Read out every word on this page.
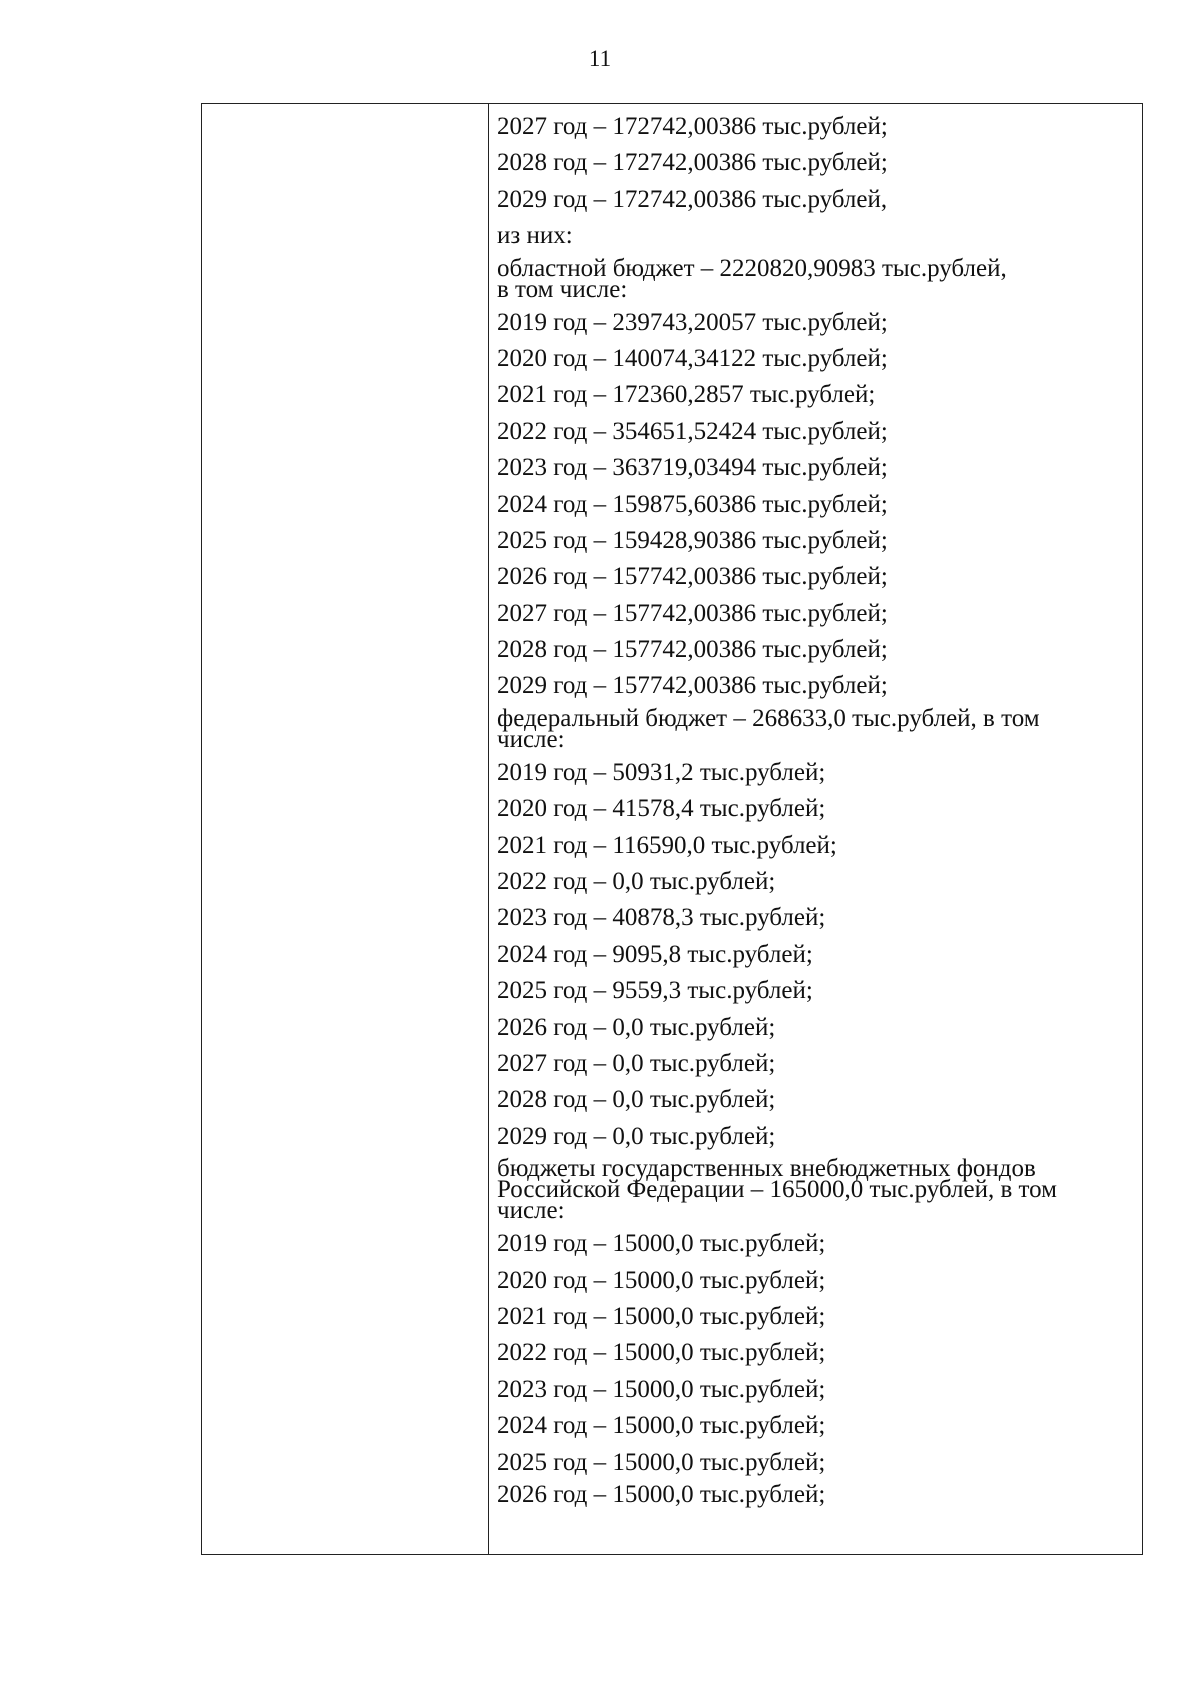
11
2027 год – 172742,00386 тыс.рублей;
2028 год – 172742,00386 тыс.рублей;
2029 год – 172742,00386 тыс.рублей,
из них:
областной бюджет – 2220820,90983 тыс.рублей,
в том числе:
2019 год – 239743,20057 тыс.рублей;
2020 год – 140074,34122 тыс.рублей;
2021 год – 172360,2857 тыс.рублей;
2022 год – 354651,52424 тыс.рублей;
2023 год – 363719,03494 тыс.рублей;
2024 год – 159875,60386 тыс.рублей;
2025 год – 159428,90386 тыс.рублей;
2026 год – 157742,00386 тыс.рублей;
2027 год – 157742,00386 тыс.рублей;
2028 год – 157742,00386 тыс.рублей;
2029 год – 157742,00386 тыс.рублей;
федеральный бюджет – 268633,0 тыс.рублей, в том
числе:
2019 год – 50931,2 тыс.рублей;
2020 год – 41578,4 тыс.рублей;
2021 год – 116590,0 тыс.рублей;
2022 год – 0,0 тыс.рублей;
2023 год – 40878,3 тыс.рублей;
2024 год – 9095,8 тыс.рублей;
2025 год – 9559,3 тыс.рублей;
2026 год – 0,0 тыс.рублей;
2027 год – 0,0 тыс.рублей;
2028 год – 0,0 тыс.рублей;
2029 год – 0,0 тыс.рублей;
бюджеты государственных внебюджетных фондов
Российской Федерации – 165000,0 тыс.рублей, в том
числе:
2019 год – 15000,0 тыс.рублей;
2020 год – 15000,0 тыс.рублей;
2021 год – 15000,0 тыс.рублей;
2022 год – 15000,0 тыс.рублей;
2023 год – 15000,0 тыс.рублей;
2024 год – 15000,0 тыс.рублей;
2025 год – 15000,0 тыс.рублей;
2026 год – 15000,0 тыс.рублей;
